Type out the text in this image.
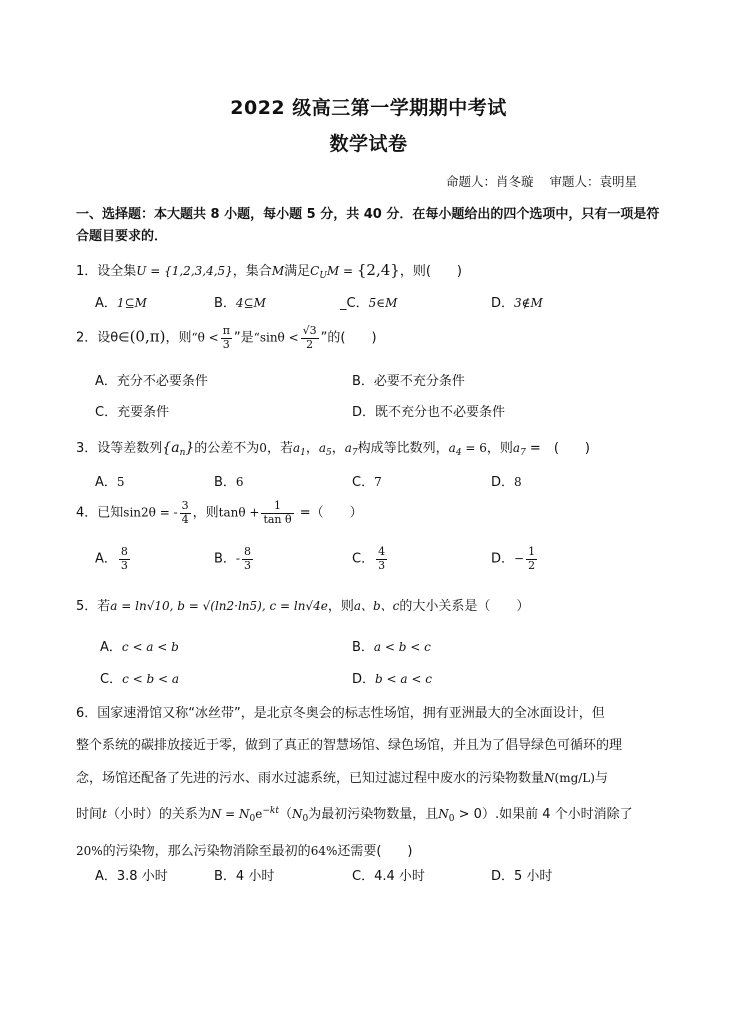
2022 级高三第一学期期中考试
数学试卷
命题人：肖冬璇 审题人：袁明星
一、选择题：本大题共 8 小题，每小题 5 分，共 40 分．在每小题给出的四个选项中，只有一项是符合题目要求的．
1．设全集U = {1,2,3,4,5}，集合M满足$C_UM = \{2,4\}$，则(　　)
A．1⊆M	B．4⊆M	_C．5∈M	D．3∉M
2．设θ∈(0,π)，则“$\theta < \frac{\pi}{3}$ ”是“$\sin\theta < \frac{√3}{2}$ ”的(　　)
A．充分不必要条件	B．必要不充分条件
C．充要条件	D．既不充分也不必要条件
3．设等差数列$\{a_n\}$的公差不为0，若$a_1$，$a_5$，$a_7$构成等比数列，$a_4 = 6$，则$a_7$ =　(　　)
A．5	B．6	C．7	D．8
4．已知sin2θ = - $\frac{3}{4}$ ，则$\tan\theta + \frac{1}{\text{tan θ}}$ =（　　）
A． $\frac{8}{3}$	B．- $\frac{8}{3}$	C． $\frac{4}{3}$	D．− $\frac{1}{2}$
5．若a = ln√10, b = √(ln2·ln5), c = ln√4e，则a、b、c的大小关系是（　　）
A．c < a < b	B．a < b < c
C．c < b < a	D．b < a < c
6．国家速滑馆又称“冰丝带”，是北京冬奥会的标志性场馆，拥有亚洲最大的全冰面设计，但
整个系统的碳排放接近于零，做到了真正的智慧场馆、绿色场馆，并且为了倡导绿色可循环的理
念，场馆还配备了先进的污水、雨水过滤系统，已知过滤过程中废水的污染物数量N(mg/L)与
时间t（小时）的关系为$N = N_0e^{-kt}(N_0$为最初污染物数量，且$N_0 > 0$）.如果前 4 个小时消除了
20%的污染物，那么污染物消除至最初的64%还需要(　　)
A．3.8 小时	B．4 小时	C．4.4 小时	D．5 小时
